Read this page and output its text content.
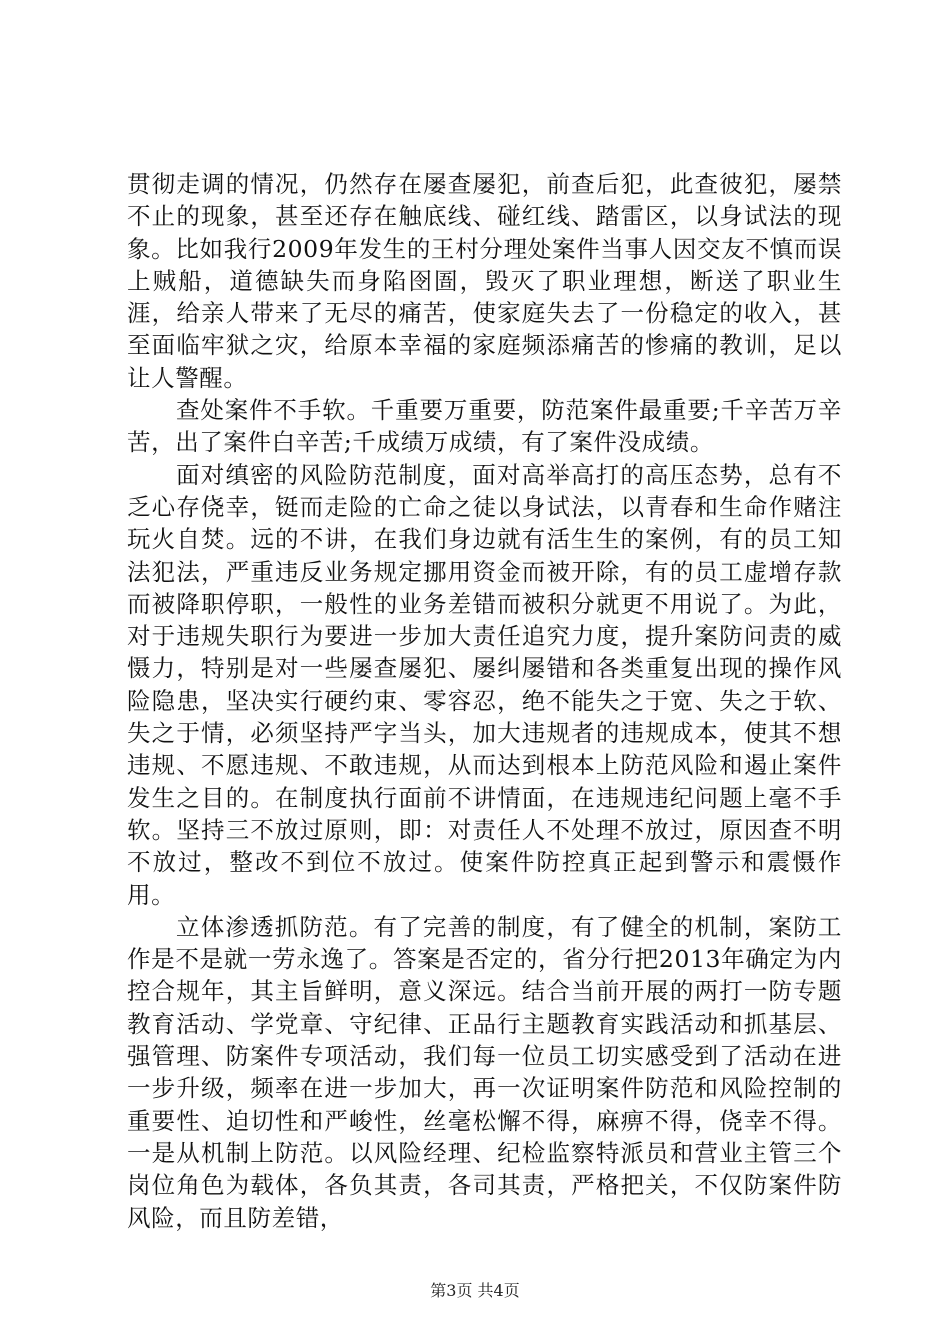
贯彻走调的情况，仍然存在屡查屡犯，前查后犯，此查彼犯，屡禁不止的现象，甚至还存在触底线、碰红线、踏雷区，以身试法的现象。比如我行2009年发生的王村分理处案件当事人因交友不慎而误上贼船，道德缺失而身陷囹圄，毁灭了职业理想，断送了职业生涯，给亲人带来了无尽的痛苦，使家庭失去了一份稳定的收入，甚至面临牢狱之灾，给原本幸福的家庭频添痛苦的惨痛的教训，足以让人警醒。

查处案件不手软。千重要万重要，防范案件最重要;千辛苦万辛苦，出了案件白辛苦;千成绩万成绩，有了案件没成绩。

面对缜密的风险防范制度，面对高举高打的高压态势，总有不乏心存侥幸，铤而走险的亡命之徒以身试法，以青春和生命作赌注玩火自焚。远的不讲，在我们身边就有活生生的案例，有的员工知法犯法，严重违反业务规定挪用资金而被开除，有的员工虚增存款而被降职停职，一般性的业务差错而被积分就更不用说了。为此，对于违规失职行为要进一步加大责任追究力度，提升案防问责的威慑力，特别是对一些屡查屡犯、屡纠屡错和各类重复出现的操作风险隐患，坚决实行硬约束、零容忍，绝不能失之于宽、失之于软、失之于情，必须坚持严字当头，加大违规者的违规成本，使其不想违规、不愿违规、不敢违规，从而达到根本上防范风险和遏止案件发生之目的。在制度执行面前不讲情面，在违规违纪问题上毫不手软。坚持三不放过原则，即：对责任人不处理不放过，原因查不明不放过，整改不到位不放过。使案件防控真正起到警示和震慑作用。

立体渗透抓防范。有了完善的制度，有了健全的机制，案防工作是不是就一劳永逸了。答案是否定的，省分行把2013年确定为内控合规年，其主旨鲜明，意义深远。结合当前开展的两打一防专题教育活动、学党章、守纪律、正品行主题教育实践活动和抓基层、强管理、防案件专项活动，我们每一位员工切实感受到了活动在进一步升级，频率在进一步加大，再一次证明案件防范和风险控制的重要性、迫切性和严峻性，丝毫松懈不得，麻痹不得，侥幸不得。一是从机制上防范。以风险经理、纪检监察特派员和营业主管三个岗位角色为载体，各负其责，各司其责，严格把关，不仅防案件防风险，而且防差错，

第3页 共4页
